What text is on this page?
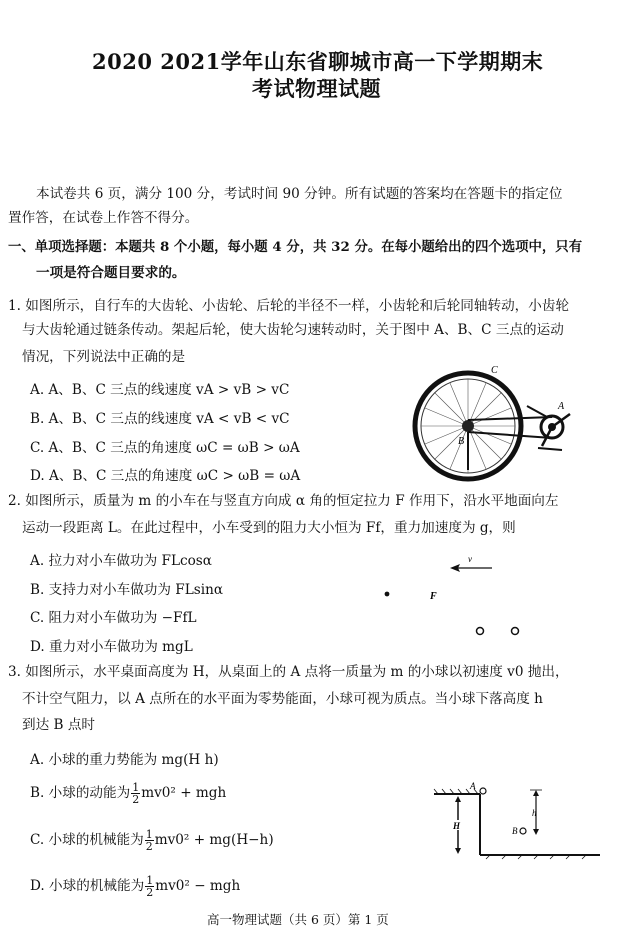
2020 2021学年山东省聊城市高一下学期期末
考试物理试题
本试卷共 6 页，满分 100 分，考试时间 90 分钟。所有试题的答案均在答题卡的指定位
置作答，在试卷上作答不得分。
一、单项选择题：本题共 8 个小题，每小题 4 分，共 32 分。在每小题给出的四个选项中，只有
一项是符合题目要求的。
1. 如图所示，自行车的大齿轮、小齿轮、后轮的半径不一样，小齿轮和后轮同轴转动，小齿轮
与大齿轮通过链条传动。架起后轮，使大齿轮匀速转动时，关于图中 A、B、C 三点的运动
情况，下列说法中正确的是
A. A、B、C 三点的线速度 vA > vB > vC
B. A、B、C 三点的线速度 vA < vB < vC
C. A、B、C 三点的角速度 ωC = ωB > ωA
D. A、B、C 三点的角速度 ωC > ωB = ωA
C
A
B
2. 如图所示，质量为 m 的小车在与竖直方向成 α 角的恒定拉力 F 作用下，沿水平地面向左
运动一段距离 L。在此过程中，小车受到的阻力大小恒为 Ff，重力加速度为 g，则
A. 拉力对小车做功为 FLcosα
B. 支持力对小车做功为 FLsinα
C. 阻力对小车做功为 −FfL
D. 重力对小车做功为 mgL
v
F
3. 如图所示，水平桌面高度为 H，从桌面上的 A 点将一质量为 m 的小球以初速度 v0 抛出，
不计空气阻力，以 A 点所在的水平面为零势能面，小球可视为质点。当小球下落高度 h
到达 B 点时
A. 小球的重力势能为 mg(H h)
B. 小球的动能为 $\frac{1}{2} mv0^2$ + mgh
C. 小球的机械能为 $\frac{1}{2} mv0^2 + mg(H-h)$
D. 小球的机械能为 $\frac{1}{2} mv0^2$ − mgh
H
A
h
B
高一物理试题（共 6 页）第 1 页
